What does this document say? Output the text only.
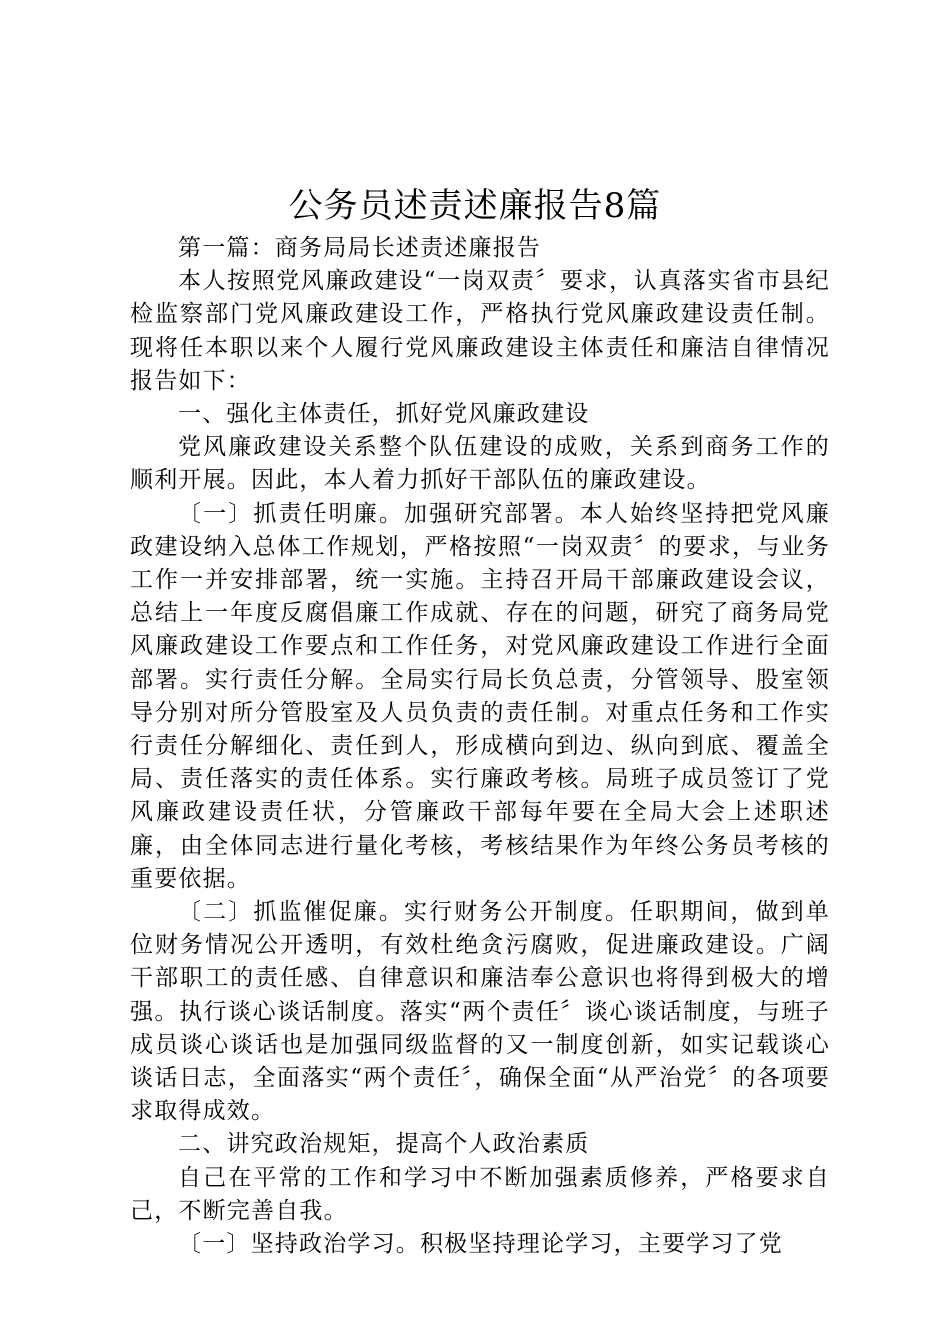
公务员述责述廉报告8篇

第一篇：商务局局长述责述廉报告

本人按照党风廉政建设“一岗双责〞要求，认真落实省市县纪检监察部门党风廉政建设工作，严格执行党风廉政建设责任制。现将任本职以来个人履行党风廉政建设主体责任和廉洁自律情况报告如下：

一、强化主体责任，抓好党风廉政建设

党风廉政建设关系整个队伍建设的成败，关系到商务工作的顺利开展。因此，本人着力抓好干部队伍的廉政建设。

〔一〕抓责任明廉。加强研究部署。本人始终坚持把党风廉政建设纳入总体工作规划，严格按照“一岗双责〞的要求，与业务工作一并安排部署，统一实施。主持召开局干部廉政建设会议，总结上一年度反腐倡廉工作成就、存在的问题，研究了商务局党风廉政建设工作要点和工作任务，对党风廉政建设工作进行全面部署。实行责任分解。全局实行局长负总责，分管领导、股室领导分别对所分管股室及人员负责的责任制。对重点任务和工作实行责任分解细化、责任到人，形成横向到边、纵向到底、覆盖全局、责任落实的责任体系。实行廉政考核。局班子成员签订了党风廉政建设责任状，分管廉政干部每年要在全局大会上述职述廉，由全体同志进行量化考核，考核结果作为年终公务员考核的重要依据。

〔二〕抓监催促廉。实行财务公开制度。任职期间，做到单位财务情况公开透明，有效杜绝贪污腐败，促进廉政建设。广阔干部职工的责任感、自律意识和廉洁奉公意识也将得到极大的增强。执行谈心谈话制度。落实“两个责任〞谈心谈话制度，与班子成员谈心谈话也是加强同级监督的又一制度创新，如实记载谈心谈话日志，全面落实“两个责任〞，确保全面“从严治党〞的各项要求取得成效。

二、讲究政治规矩，提高个人政治素质

自己在平常的工作和学习中不断加强素质修养，严格要求自己，不断完善自我。

〔一〕坚持政治学习。积极坚持理论学习，主要学习了党
